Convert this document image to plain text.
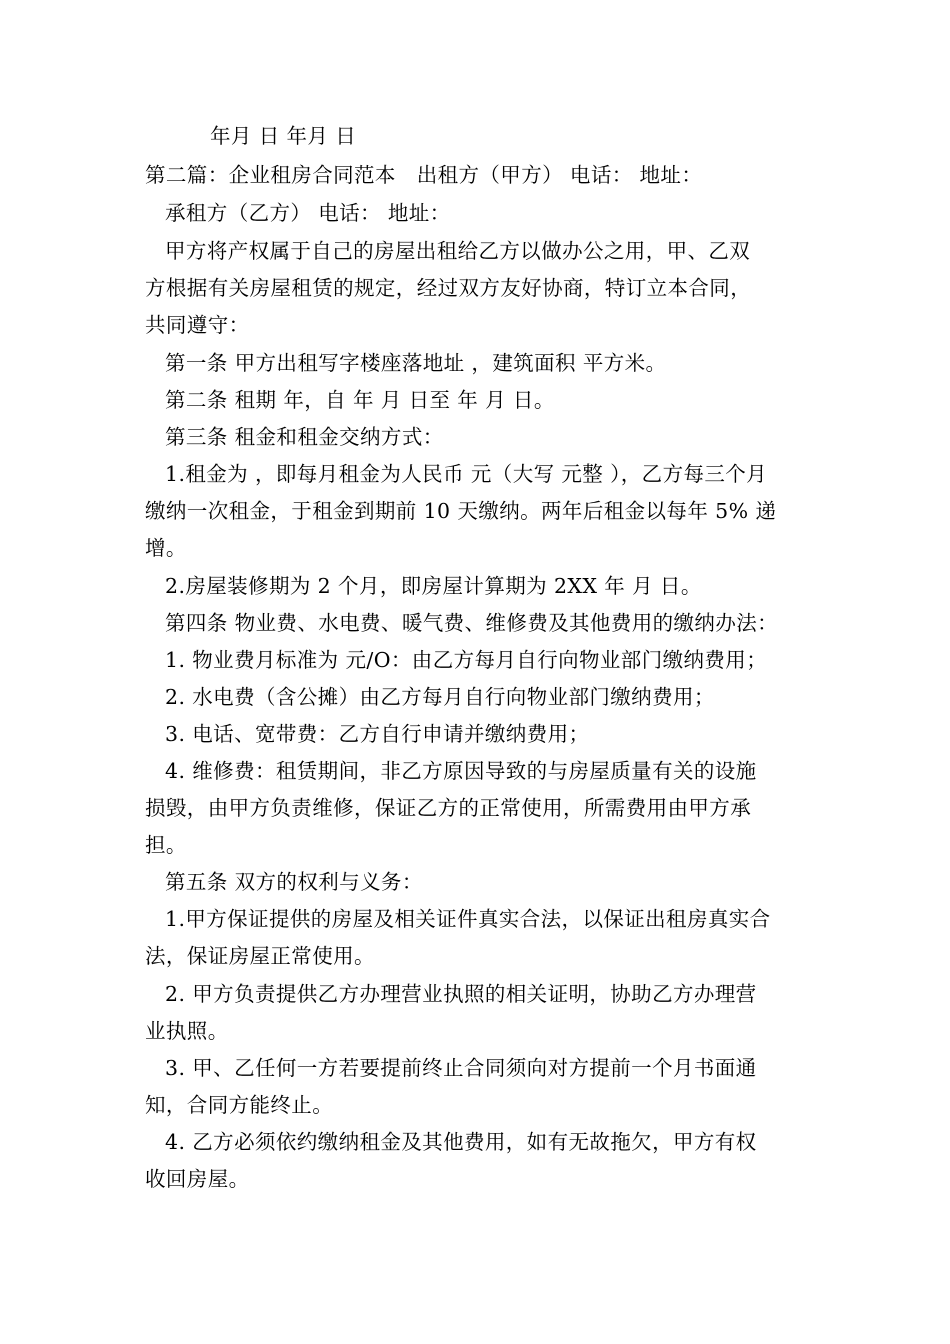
年月 日 年月 日
第二篇：企业租房合同范本　出租方（甲方） 电话： 地址：
承租方（乙方） 电话： 地址：
甲方将产权属于自己的房屋出租给乙方以做办公之用，甲、乙双
方根据有关房屋租赁的规定，经过双方友好协商，特订立本合同，
共同遵守：
第一条 甲方出租写字楼座落地址 ，建筑面积 平方米。
第二条 租期 年，自 年 月 日至 年 月 日。
第三条 租金和租金交纳方式：
1.租金为 ，即每月租金为人民币 元（大写 元整 ），乙方每三个月
缴纳一次租金，于租金到期前 10 天缴纳。两年后租金以每年 5% 递
增。
2.房屋装修期为 2 个月，即房屋计算期为 2XX 年 月 日。
第四条 物业费、水电费、暖气费、维修费及其他费用的缴纳办法：
1. 物业费月标准为 元/O：由乙方每月自行向物业部门缴纳费用；
2. 水电费（含公摊）由乙方每月自行向物业部门缴纳费用；
3. 电话、宽带费：乙方自行申请并缴纳费用；
4. 维修费：租赁期间，非乙方原因导致的与房屋质量有关的设施
损毁，由甲方负责维修，保证乙方的正常使用，所需费用由甲方承
担。
第五条 双方的权利与义务：
1.甲方保证提供的房屋及相关证件真实合法，以保证出租房真实合
法，保证房屋正常使用。
2. 甲方负责提供乙方办理营业执照的相关证明，协助乙方办理营
业执照。
3. 甲、乙任何一方若要提前终止合同须向对方提前一个月书面通
知，合同方能终止。
4. 乙方必须依约缴纳租金及其他费用，如有无故拖欠，甲方有权
收回房屋。
